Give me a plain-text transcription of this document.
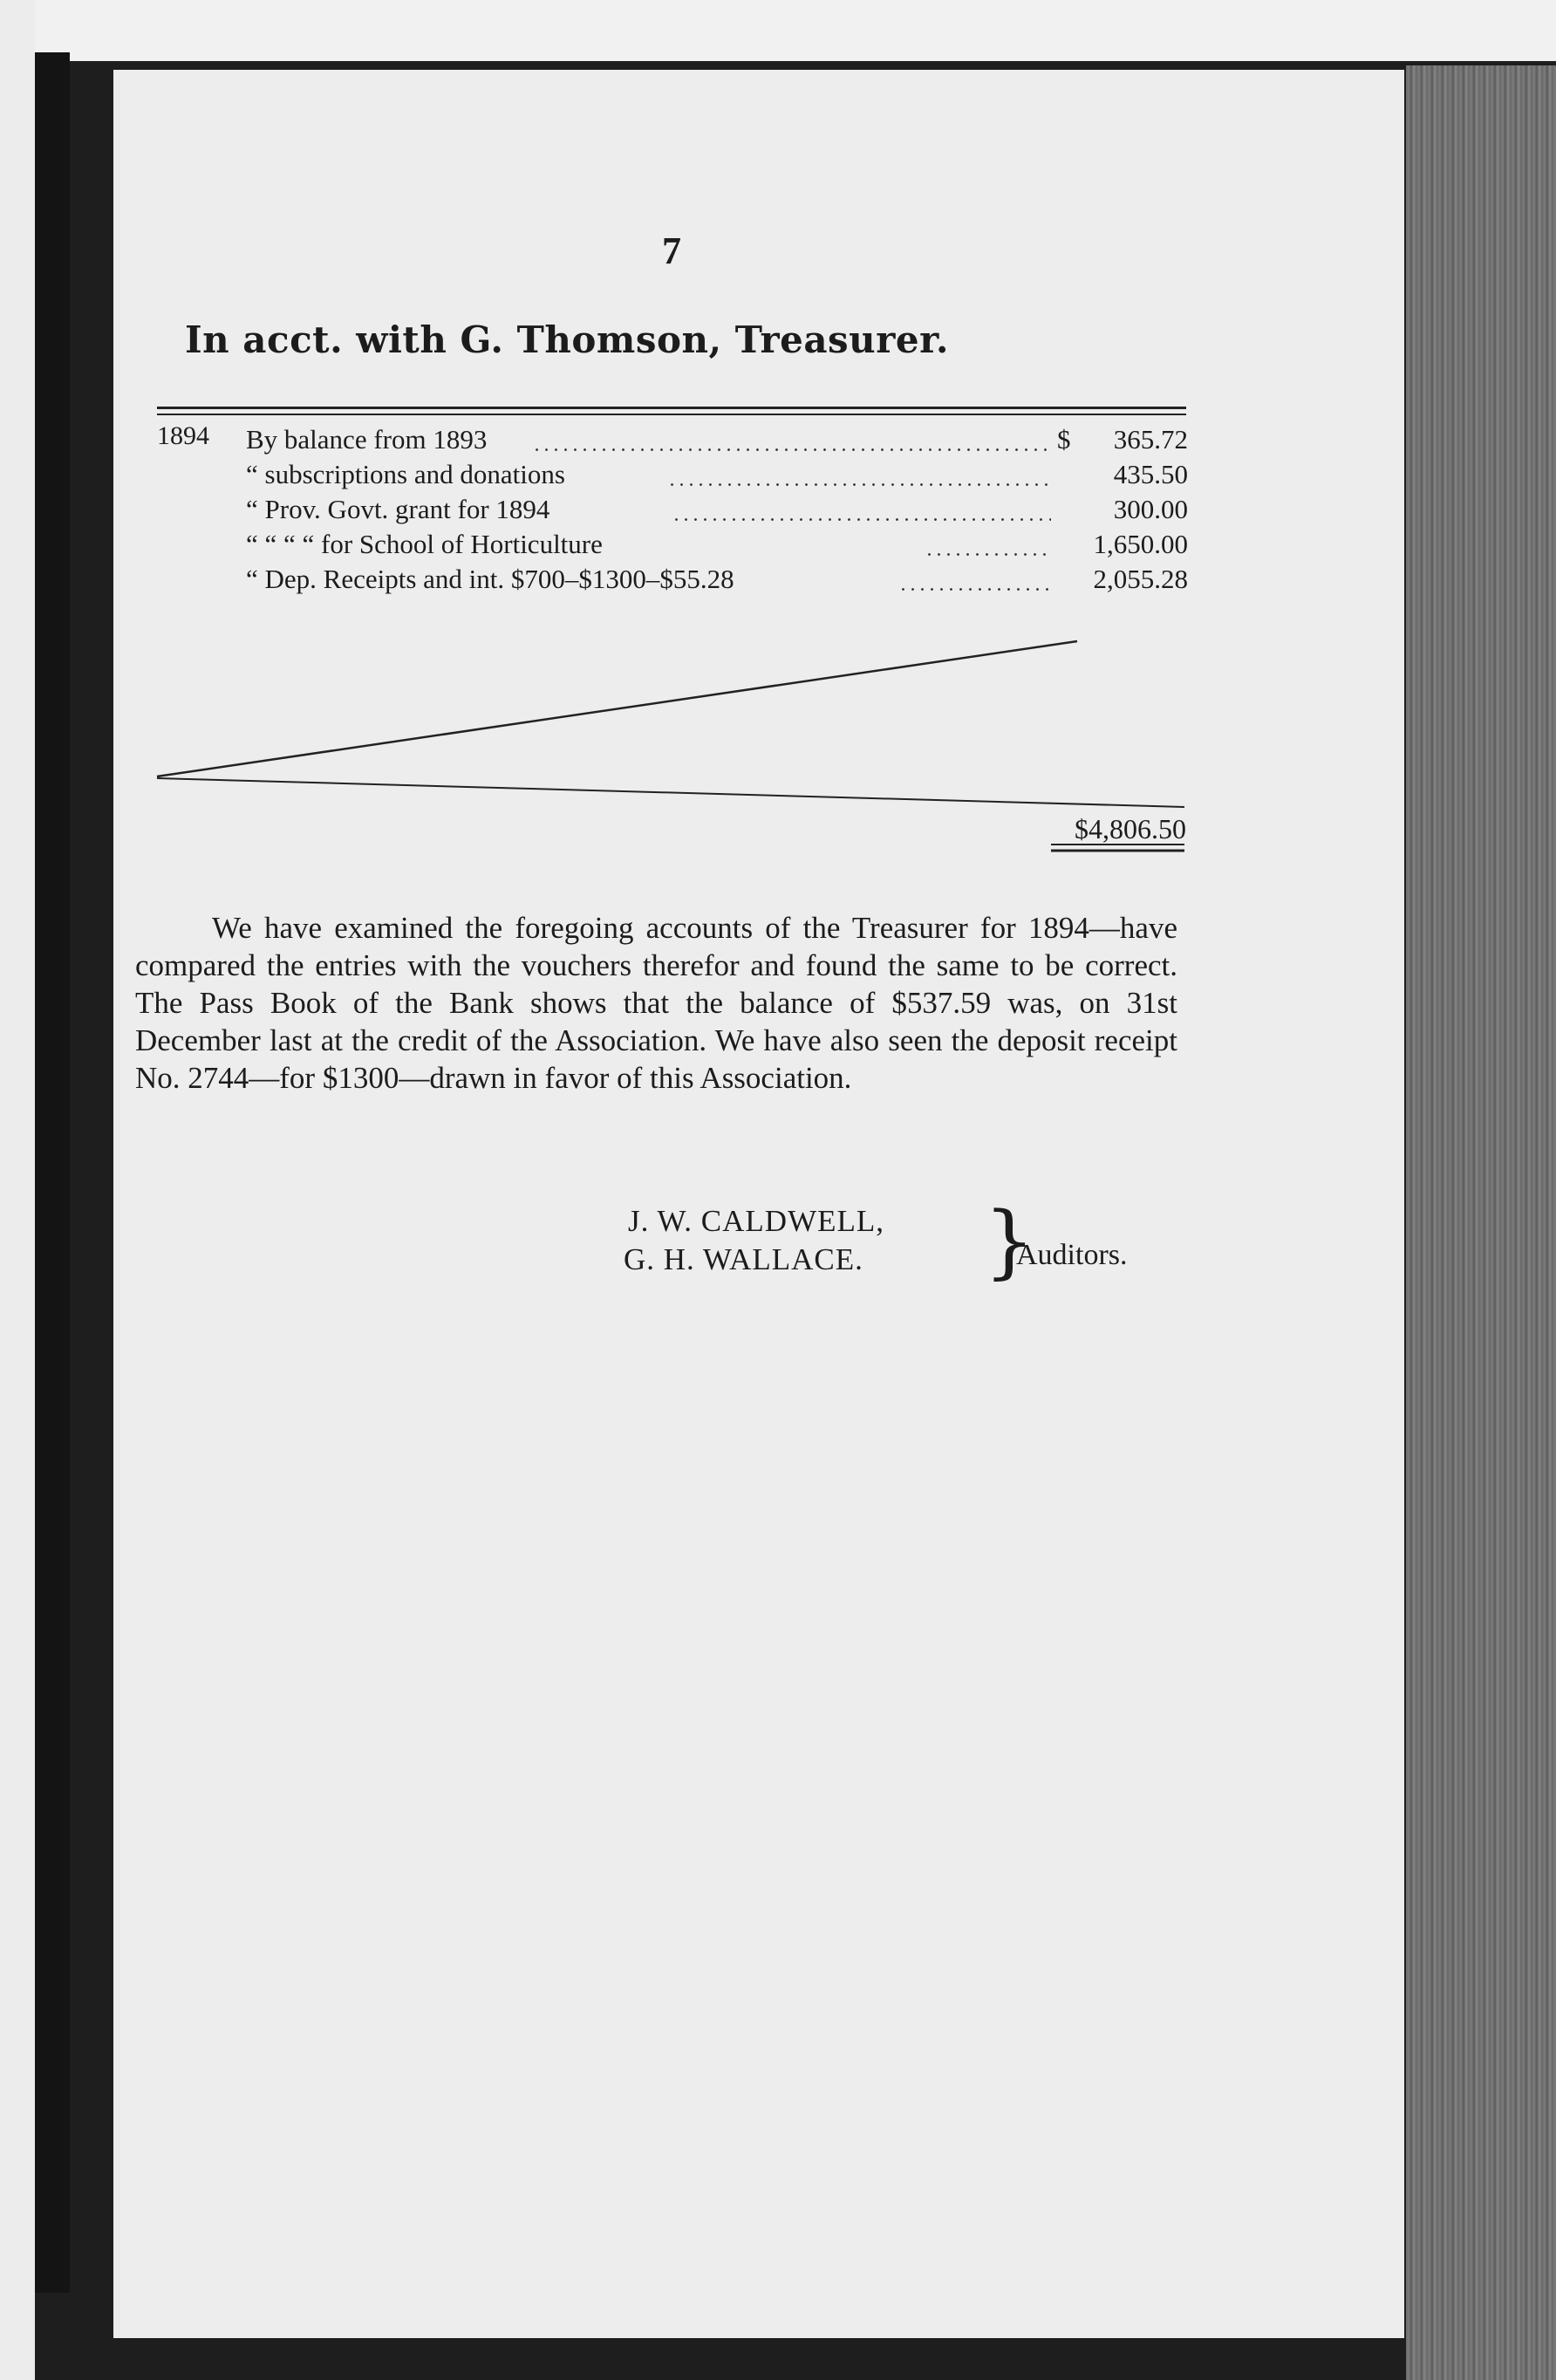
7
In acct. with G. Thomson, Treasurer.
1894 By balance from 1893	$	365.72
“ subscriptions and donations	435.50
“ Prov. Govt. grant for 1894	300.00
“ “ “ “ for School of Horticulture	1,650.00
“ Dep. Receipts and int. $700–$1300–$55.28	2,055.28
$4,806.50
We have examined the foregoing accounts of the Treasurer for 1894—have compared the entries with the vouchers therefor and found the same to be correct. The Pass Book of the Bank shows that the balance of $537.59 was, on 31st December last at the credit of the Association. We have also seen the deposit receipt No. 2744—for $1300—drawn in favor of this Association.
J. W. CALDWELL,
G. H. WALLACE. }
Auditors.
